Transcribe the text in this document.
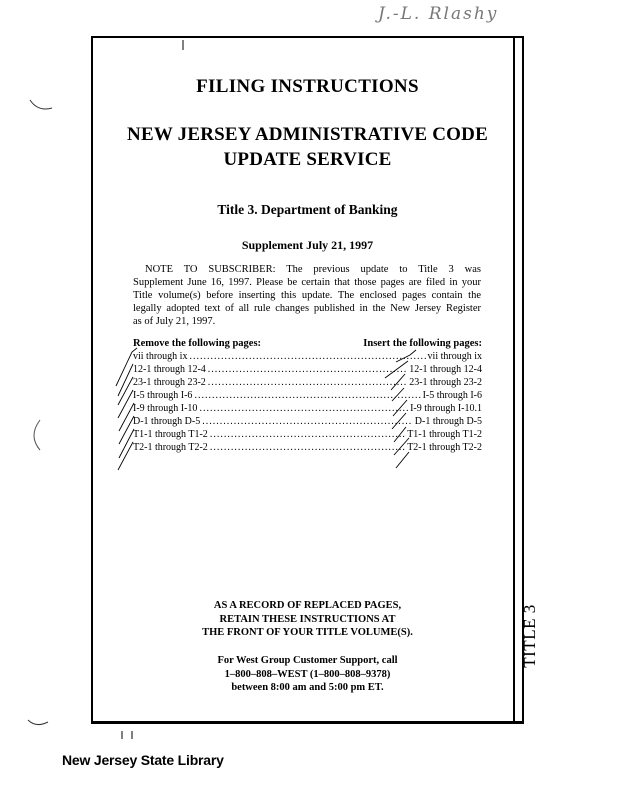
J.-L. Rlashy
TITLE 3
FILING INSTRUCTIONS
NEW JERSEY ADMINISTRATIVE CODE
UPDATE SERVICE
Title 3. Department of Banking
Supplement July 21, 1997
NOTE TO SUBSCRIBER: The previous update to Title 3 was
Supplement June 16, 1997. Please be certain that those pages are filed in your
Title volume(s) before inserting this update. The enclosed pages contain the
legally adopted text of all rule changes published in the New Jersey Register
as of July 21, 1997.
Remove the following pages:	Insert the following pages:
vii through ix .....	vii through ix
12-1 through 12-4 .....	12-1 through 12-4
23-1 through 23-2 .....	23-1 through 23-2
I-5 through I-6 .....	I-5 through I-6
I-9 through I-10 .....	I-9 through I-10.1
D-1 through D-5 .....	D-1 through D-5
T1-1 through T1-2 .....	T1-1 through T1-2
T2-1 through T2-2 .....	T2-1 through T2-2
AS A RECORD OF REPLACED PAGES,
RETAIN THESE INSTRUCTIONS AT
THE FRONT OF YOUR TITLE VOLUME(S).
For West Group Customer Support, call
1–800–808–WEST (1–800–808–9378)
between 8:00 am and 5:00 pm ET.
New Jersey State Library
